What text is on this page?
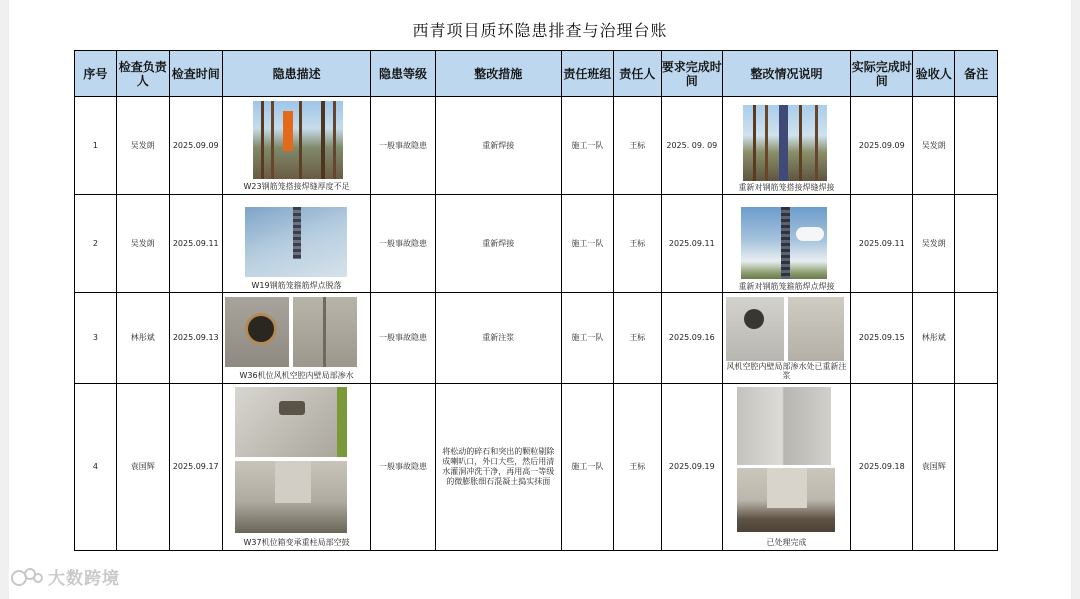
西青项目质环隐患排查与治理台账
序号	检查负责人	检查时间	隐患描述	隐患等级	整改措施	责任班组	责任人	要求完成时间	整改情况说明	实际完成时间	验收人	备注
1	吴发朗	2025.09.09	W23钢筋笼搭接焊缝厚度不足	一般事故隐患	重新焊接	施工一队	王标	2025. 09. 09	重新对钢筋笼搭接焊缝焊接	2025.09.09	吴发朗	
2	吴发朗	2025.09.11	W19钢筋笼箍筋焊点脱落	一般事故隐患	重新焊接	施工一队	王标	2025.09.11	重新对钢筋笼箍筋焊点焊接	2025.09.11	吴发朗	
3	林彤斌	2025.09.13	W36机位风机空腔内壁局部渗水	一般事故隐患	重新注浆	施工一队	王标	2025.09.16	风机空腔内壁局部渗水处已重新注浆	2025.09.15	林彤斌	
4	袁国辉	2025.09.17	W37机位箱变承重柱局部空鼓	一般事故隐患	将松动的碎石和突出的颗粒剔除成喇叭口，外口大些，然后用清水灌洞冲洗干净，再用高一等级的微膨胀细石混凝土捣实抹面	施工一队	王标	2025.09.19	已处理完成	2025.09.18	袁国辉	
大数跨境
